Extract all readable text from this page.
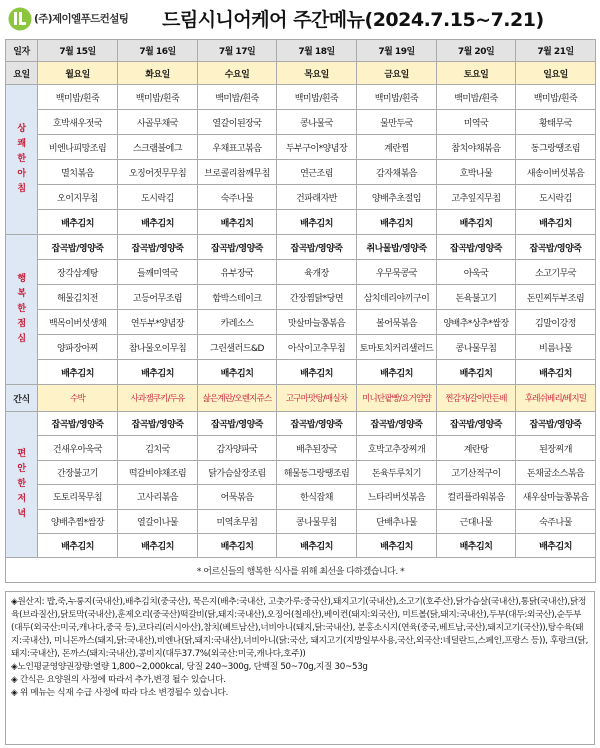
(주)제이엘푸드컨설팅 드림시니어케어 주간메뉴(2024.7.15~7.21)
일자	7월 15일	7월 16일	7월 17일	7월 18일	7월 19일	7월 20일	7월 21일
요일	월요일	화요일	수요일	목요일	금요일	토요일	일요일

상
쾌
한
아
침	백미밥/흰죽	백미밥/흰죽	백미밥/흰죽	백미밥/흰죽	백미밥/흰죽	백미밥/흰죽	백미밥/흰죽
	호박새우젓국	사골무채국	열갈이된장국	콩나물국	물만두국	미역국	황태무국
	비엔나피망조림	스크램블에그	우채표고볶음	두부구이*양념장	계란찜	참치야채볶음	동그랑땡조림
	멸치볶음	오징어젓무무침	브로콜리참깨무침	연근조림	감자채볶음	호박나물	새송이버섯볶음
	오이지무침	도시락김	숙주나물	건파래자반	양배추초절임	고추잎지무침	도시락김
	배추김치	배추김치	배추김치	배추김치	배추김치	배추김치	배추김치

행
복
한
점
심	잡곡밥/영양죽	잡곡밥/영양죽	잡곡밥/영양죽	잡곡밥/영양죽	취나물밥/영양죽	잡곡밥/영양죽	잡곡밥/영양죽
	장각삼계탕	들깨미역국	유부장국	육개장	우무묵콩국	아욱국	소고기무국
	해물김치전	고등어무조림	함박스테이크	간장찜닭*당면	삼치데리야끼구이	돈육불고기	돈민찌두부조림
	백목이버섯생채	연두부*양념장	카레소스	맛살마늘쫑볶음	볼어묵볶음	양배추*상추*쌈장	김말이강정
	양파장아찌	참나물오이무침	그린샐러드&D	아삭이고추무침	토마토치커리샐러드	콩나물무침	비름나물
	배추김치	배추김치	배추김치	배추김치	배추김치	배추김치	배추김치
간식	수박	사과잼쿠키/두유	삶은계란/오렌지쥬스	고구마맛탕/매실차	미니단팥빵/요거얌얌	찐감자/갈아만든배	후레쉬베리/베지밀

편
안
한
저
녁	잡곡밥/영양죽	잡곡밥/영양죽	잡곡밥/영양죽	잡곡밥/영양죽	잡곡밥/영양죽	잡곡밥/영양죽	잡곡밥/영양죽
	건새우아욱국	김치국	감자양파국	배추된장국	호박고추장찌개	계란탕	된장찌개
	간장불고기	떡갈비야채조림	닭가슴살장조림	해물동그랑땡조림	돈육두루치기	고기산적구이	돈채굴소스볶음
	도토리묵무침	고사리볶음	어묵볶음	한식잡채	느타리버섯볶음	컬리플라워볶음	새우살마늘쫑볶음
	양배추찜*쌈장	열갈이나물	미역초무침	콩나물무침	단배추나물	근대나물	숙주나물
	배추김치	배추김치	배추김치	배추김치	배추김치	배추김치	배추김치
* 어르신들의 행복한 식사를 위해 최선을 다하겠습니다. *							

◈원산지: 밥,죽,누룽지(국내산),배추김치(중국산), 묵은지(배추:국내산, 고춧가루:중국산),돼지고기(국내산),소고기(호주산),닭가슴살(국내산),통닭(국내산),닭정육(브라질산),닭토막(국내산),훈제오리(중국산)떡갈비(닭,돼지:국내산),오징어(칠레산),베이컨(돼지:외국산), 미트볼(닭,돼지:국내산),두부(대두:외국산),순두부(대두(외국산:미국,캐나다,중국 등),코다리(러시아산),참치(베트남산),너비아니(돼지,닭:국내산), 분홍소시지(연육(중국,베트남,국산),돼지고기(국산)),탕수육(돼지:국내산), 미니돈까스(돼지,닭:국내산),비엔나(닭,돼지:국내산),너비아니(닭:국산, 돼지고기(지방일부사용,국산,외국산:네덜란드,스페인,프랑스 등)), 후랑크(닭,돼지:국내산), 돈까스(돼지:국내산),콩비지(대두37.7%(외국산:미국,캐나다,호주))

◈노인평균영양권장량:열량 1,800~2,000kcal, 당질 240~300g, 단백질 50~70g,지질 30~53g

◈ 간식은 요양원의 사정에 따라서 추가,변경 될수 있습니다.

◈ 위 메뉴는 식재 수급 사정에 따라 다소 변경될수 있습니다.
